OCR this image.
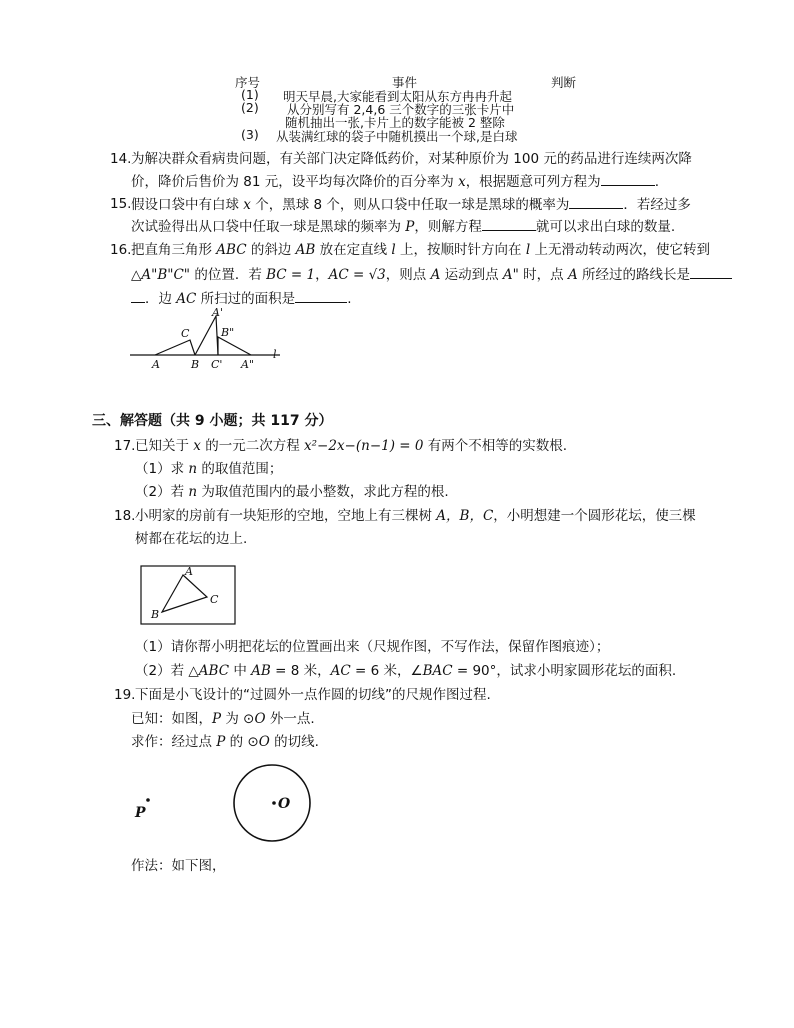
序号	事件	判断
(1) 明天早晨,大家能看到太阳从东方冉冉升起
(2) 从分别写有 2,4,6 三个数字的三张卡片中
随机抽出一张,卡片上的数字能被 2 整除
(3) 从装满红球的袋子中随机摸出一个球,是白球
14. 为解决群众看病贵问题，有关部门决定降低药价，对某种原价为 100 元的药品进行连续两次降
价，降价后售价为 81 元，设平均每次降价的百分率为 x，根据题意可列方程为	.
15. 假设口袋中有白球 x 个，黑球 8 个，则从口袋中任取一球是黑球的概率为	．若经过多
次试验得出从口袋中任取一球是黑球的频率为 P，则解方程	就可以求出白球的数量.
16. 把直角三角形 ABC 的斜边 AB 放在定直线 l 上，按顺时针方向在 l 上无滑动转动两次，使它转到
△A"B"C" 的位置．若 BC = 1，AC = √3，则点 A 运动到点 A" 时，点 A 所经过的路线长是
．边 AC 所扫过的面积是	.
C
A	B C'
A'
B"
A"
l
三、解答题（共 9 小题；共 117 分）
17. 已知关于 x 的一元二次方程 x²−2x−(n−1) = 0 有两个不相等的实数根.
（1）求 n 的取值范围；
（2）若 n 为取值范围内的最小整数，求此方程的根.
18. 小明家的房前有一块矩形的空地，空地上有三棵树 A，B，C，小明想建一个圆形花坛，使三棵
树都在花坛的边上.
A
B
C
（1）请你帮小明把花坛的位置画出来（尺规作图，不写作法，保留作图痕迹）；
（2）若 △ABC 中 AB = 8 米，AC = 6 米，∠BAC = 90°，试求小明家圆形花坛的面积.
19. 下面是小飞设计的“过圆外一点作圆的切线”的尺规作图过程.
已知：如图，P 为 ⊙O 外一点.
求作：经过点 P 的 ⊙O 的切线.
P
O
作法：如下图，
